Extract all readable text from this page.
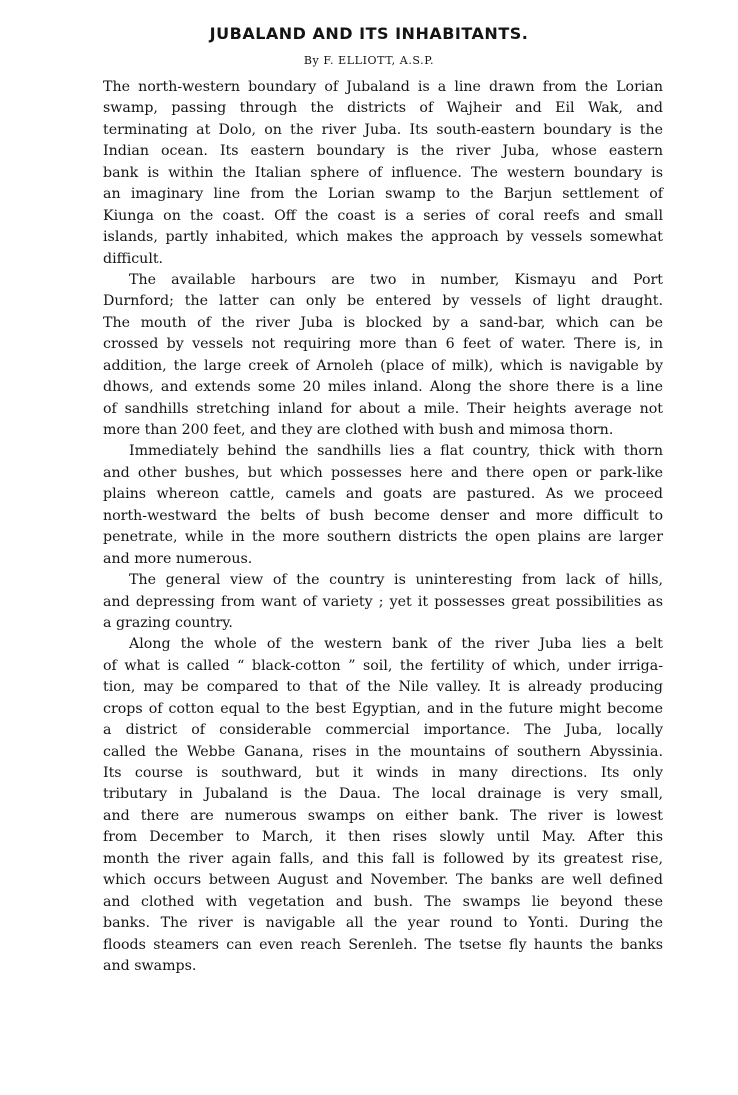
JUBALAND AND ITS INHABITANTS.

By F. ELLIOTT, A.S.P.

The north-western boundary of Jubaland is a line drawn from the Lorian
swamp, passing through the districts of Wajheir and Eil Wak, and
terminating at Dolo, on the river Juba. Its south-eastern boundary is the
Indian ocean. Its eastern boundary is the river Juba, whose eastern
bank is within the Italian sphere of influence. The western boundary is
an imaginary line from the Lorian swamp to the Barjun settlement of
Kiunga on the coast. Off the coast is a series of coral reefs and small
islands, partly inhabited, which makes the approach by vessels somewhat
difficult.
The available harbours are two in number, Kismayu and Port
Durnford; the latter can only be entered by vessels of light draught.
The mouth of the river Juba is blocked by a sand-bar, which can be
crossed by vessels not requiring more than 6 feet of water. There is, in
addition, the large creek of Arnoleh (place of milk), which is navigable by
dhows, and extends some 20 miles inland. Along the shore there is a line
of sandhills stretching inland for about a mile. Their heights average not
more than 200 feet, and they are clothed with bush and mimosa thorn.
Immediately behind the sandhills lies a flat country, thick with thorn
and other bushes, but which possesses here and there open or park-like
plains whereon cattle, camels and goats are pastured. As we proceed
north-westward the belts of bush become denser and more difficult to
penetrate, while in the more southern districts the open plains are larger
and more numerous.
The general view of the country is uninteresting from lack of hills,
and depressing from want of variety ; yet it possesses great possibilities as
a grazing country.
Along the whole of the western bank of the river Juba lies a belt
of what is called “ black-cotton ” soil, the fertility of which, under irriga-
tion, may be compared to that of the Nile valley. It is already producing
crops of cotton equal to the best Egyptian, and in the future might become
a district of considerable commercial importance. The Juba, locally
called the Webbe Ganana, rises in the mountains of southern Abyssinia.
Its course is southward, but it winds in many directions. Its only
tributary in Jubaland is the Daua. The local drainage is very small,
and there are numerous swamps on either bank. The river is lowest
from December to March, it then rises slowly until May. After this
month the river again falls, and this fall is followed by its greatest rise,
which occurs between August and November. The banks are well defined
and clothed with vegetation and bush. The swamps lie beyond these
banks. The river is navigable all the year round to Yonti. During the
floods steamers can even reach Serenleh. The tsetse fly haunts the banks
and swamps.
